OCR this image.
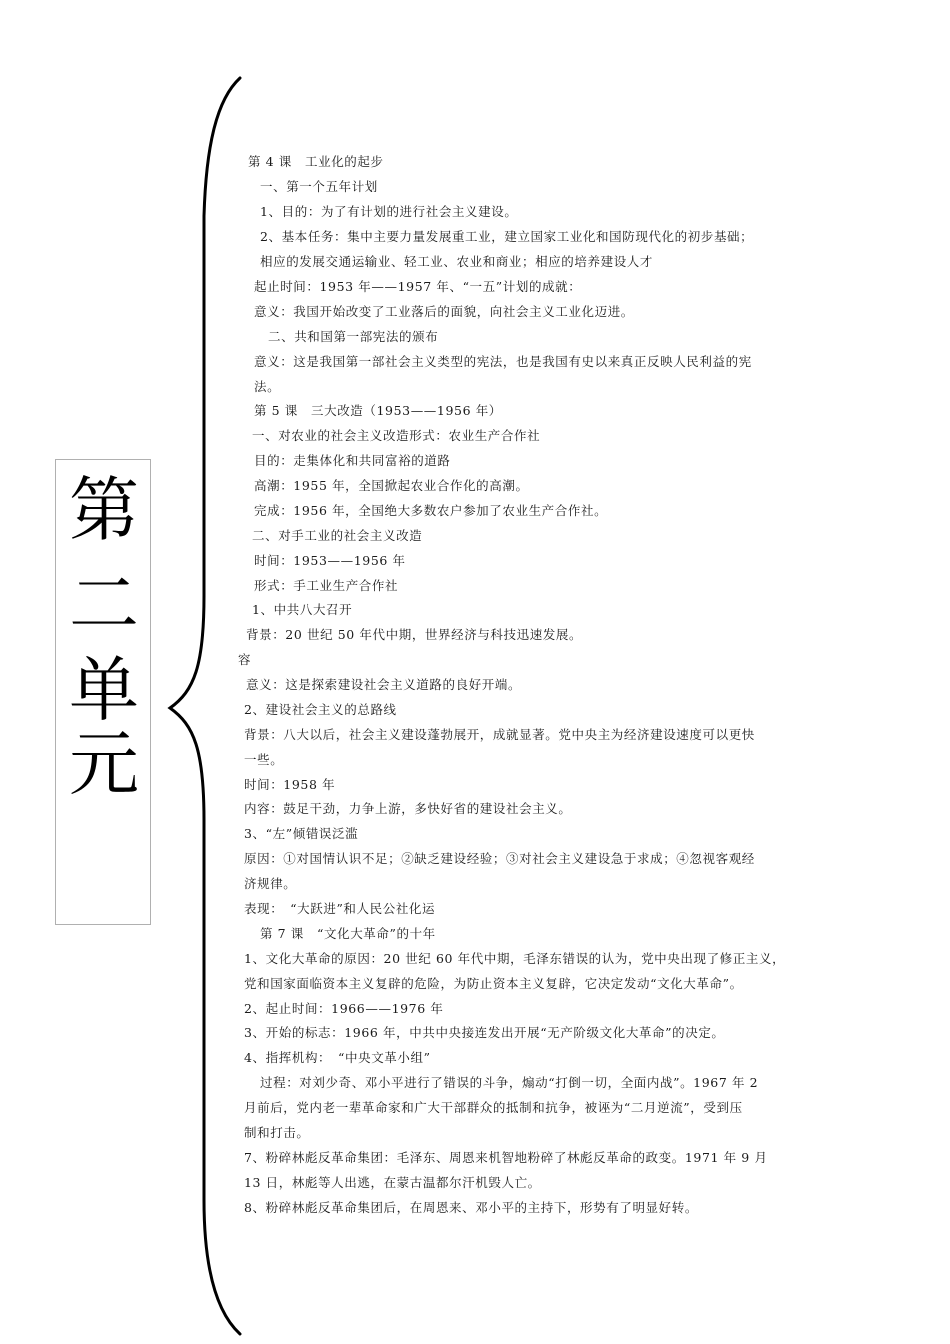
第
二
单
元
第 4 课　工业化的起步
一、第一个五年计划
1、目的：为了有计划的进行社会主义建设。
2、基本任务：集中主要力量发展重工业，建立国家工业化和国防现代化的初步基础；
相应的发展交通运输业、轻工业、农业和商业；相应的培养建设人才
起止时间：1953 年——1957 年、“一五”计划的成就：
意义：我国开始改变了工业落后的面貌，向社会主义工业化迈进。
二、共和国第一部宪法的颁布
意义：这是我国第一部社会主义类型的宪法，也是我国有史以来真正反映人民利益的宪
法。
第 5 课　三大改造（1953——1956 年）
一、对农业的社会主义改造形式：农业生产合作社
目的：走集体化和共同富裕的道路
高潮：1955 年，全国掀起农业合作化的高潮。
完成：1956 年，全国绝大多数农户参加了农业生产合作社。
二、对手工业的社会主义改造
时间：1953——1956 年
形式：手工业生产合作社
1、中共八大召开
背景：20 世纪 50 年代中期，世界经济与科技迅速发展。
容
意义：这是探索建设社会主义道路的良好开端。
2、建设社会主义的总路线
背景：八大以后，社会主义建设蓬勃展开，成就显著。党中央主为经济建设速度可以更快
一些。
时间：1958 年
内容：鼓足干劲，力争上游，多快好省的建设社会主义。
3、“左”倾错误泛滥
原因：①对国情认识不足；②缺乏建设经验；③对社会主义建设急于求成；④忽视客观经
济规律。
表现：　“大跃进”和人民公社化运
第 7 课　“文化大革命”的十年
1、文化大革命的原因：20 世纪 60 年代中期，毛泽东错误的认为，党中央出现了修正主义，
党和国家面临资本主义复辟的危险，为防止资本主义复辟，它决定发动“文化大革命”。
2、起止时间：1966——1976 年
3、开始的标志：1966 年，中共中央接连发出开展“无产阶级文化大革命”的决定。
4、指挥机构：　“中央文革小组”
过程：对刘少奇、邓小平进行了错误的斗争，煽动“打倒一切，全面内战”。1967 年 2
月前后，党内老一辈革命家和广大干部群众的抵制和抗争，被诬为“二月逆流”，受到压
制和打击。
7、粉碎林彪反革命集团：毛泽东、周恩来机智地粉碎了林彪反革命的政变。1971 年 9 月
13 日，林彪等人出逃，在蒙古温都尔汗机毁人亡。
8、粉碎林彪反革命集团后，在周恩来、邓小平的主持下，形势有了明显好转。
